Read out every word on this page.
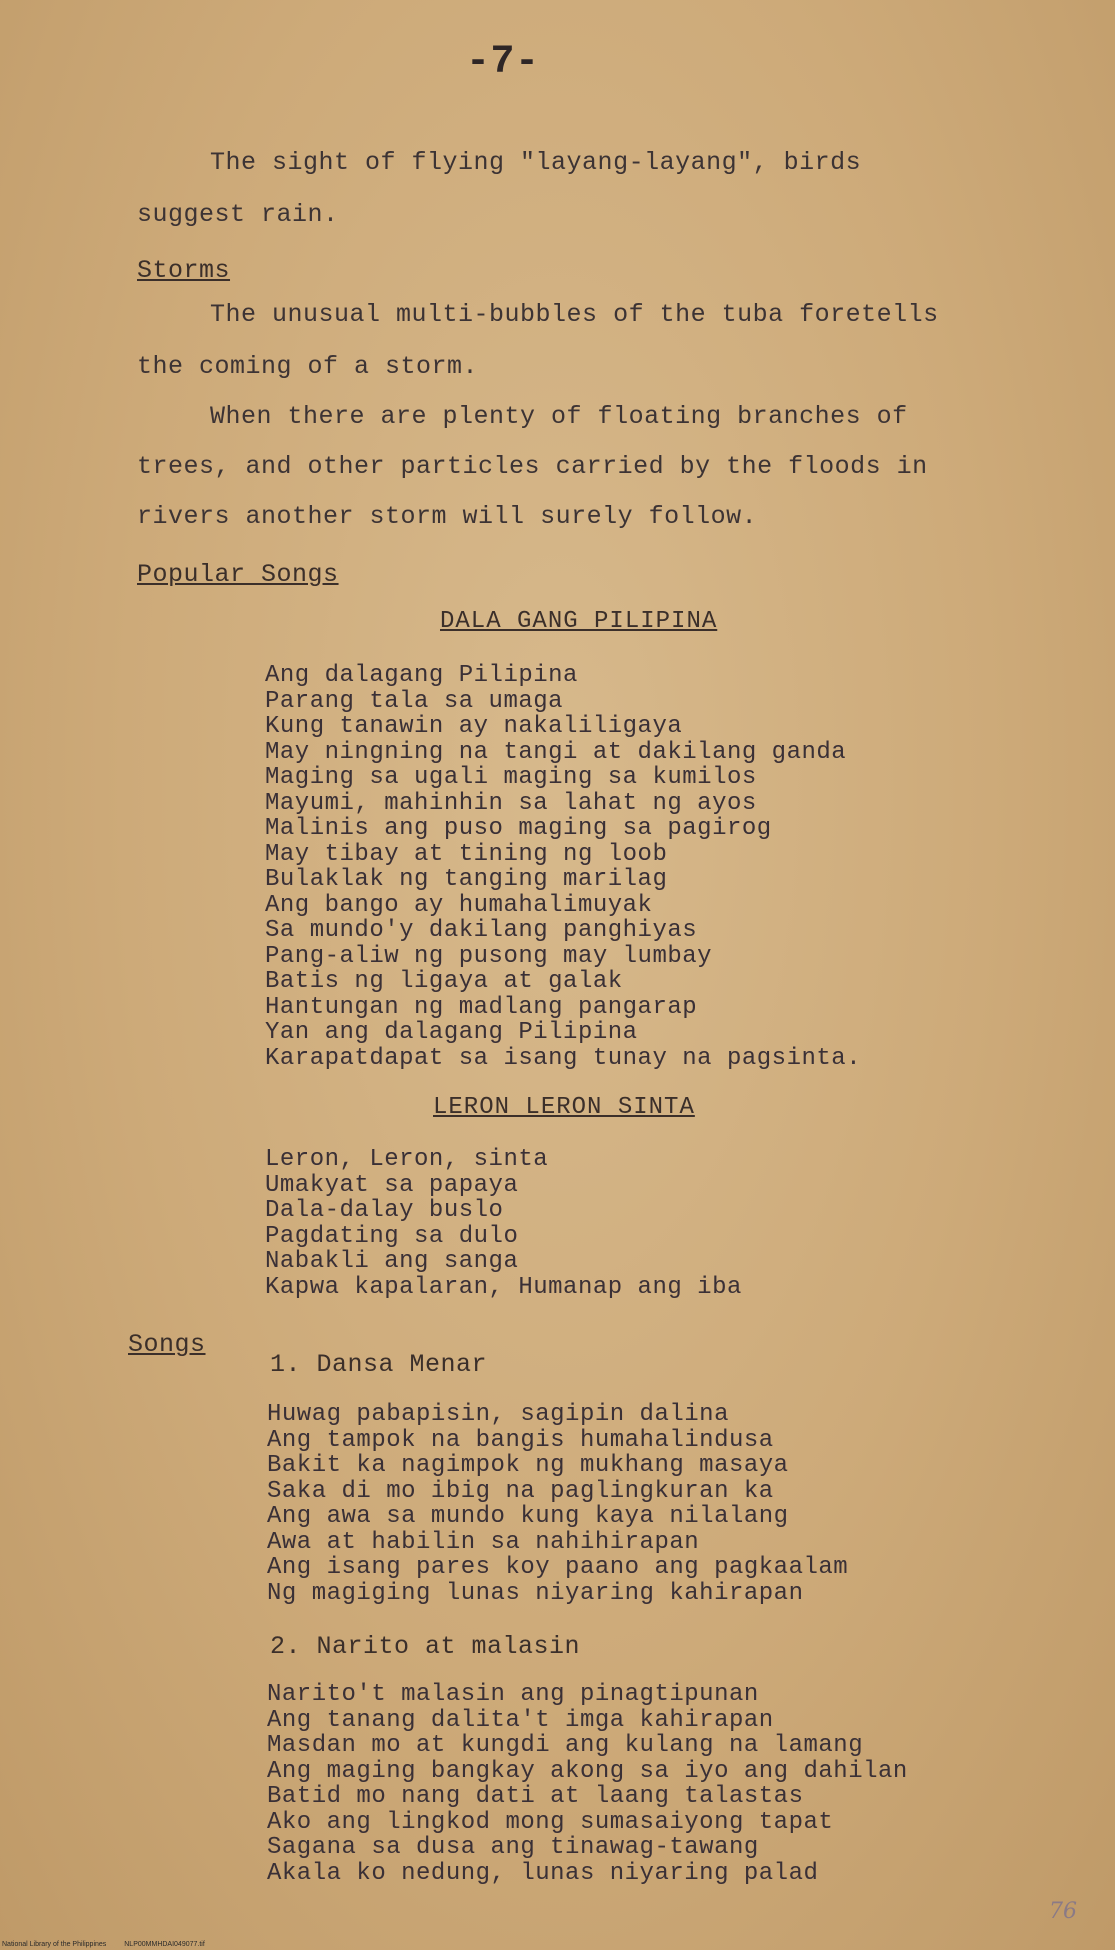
-7-
The sight of flying "layang-layang", birds
suggest rain.
Storms
The unusual multi-bubbles of the tuba foretells
the coming of a storm.
When there are plenty of floating branches of
trees, and other particles carried by the floods in
rivers another storm will surely follow.
Popular Songs
DALA GANG PILIPINA
Ang dalagang Pilipina
Parang tala sa umaga
Kung tanawin ay nakaliligaya
May ningning na tangi at dakilang ganda
Maging sa ugali maging sa kumilos
Mayumi, mahinhin sa lahat ng ayos
Malinis ang puso maging sa pagirog
May tibay at tining ng loob
Bulaklak ng tanging marilag
Ang bango ay humahalimuyak
Sa mundo'y dakilang panghiyas
Pang-aliw ng pusong may lumbay
Batis ng ligaya at galak
Hantungan ng madlang pangarap
Yan ang dalagang Pilipina
Karapatdapat sa isang tunay na pagsinta.
LERON LERON SINTA
Leron, Leron, sinta
Umakyat sa papaya
Dala-dalay buslo
Pagdating sa dulo
Nabakli ang sanga
Kapwa kapalaran, Humanap ang iba
Songs
1. Dansa Menar
Huwag pabapisin, sagipin dalina
Ang tampok na bangis humahalindusa
Bakit ka nagimpok ng mukhang masaya
Saka di mo ibig na paglingkuran ka
Ang awa sa mundo kung kaya nilalang
Awa at habilin sa nahihirapan
Ang isang pares koy paano ang pagkaalam
Ng magiging lunas niyaring kahirapan
2. Narito at malasin
Narito't malasin ang pinagtipunan
Ang tanang dalita't imga kahirapan
Masdan mo at kungdi ang kulang na lamang
Ang maging bangkay akong sa iyo ang dahilan
Batid mo nang dati at laang talastas
Ako ang lingkod mong sumasaiyong tapat
Sagana sa dusa ang tinawag-tawang
Akala ko nedung, lunas niyaring palad
76
National Library of the Philippines	NLP00MMHDAI049077.tif
